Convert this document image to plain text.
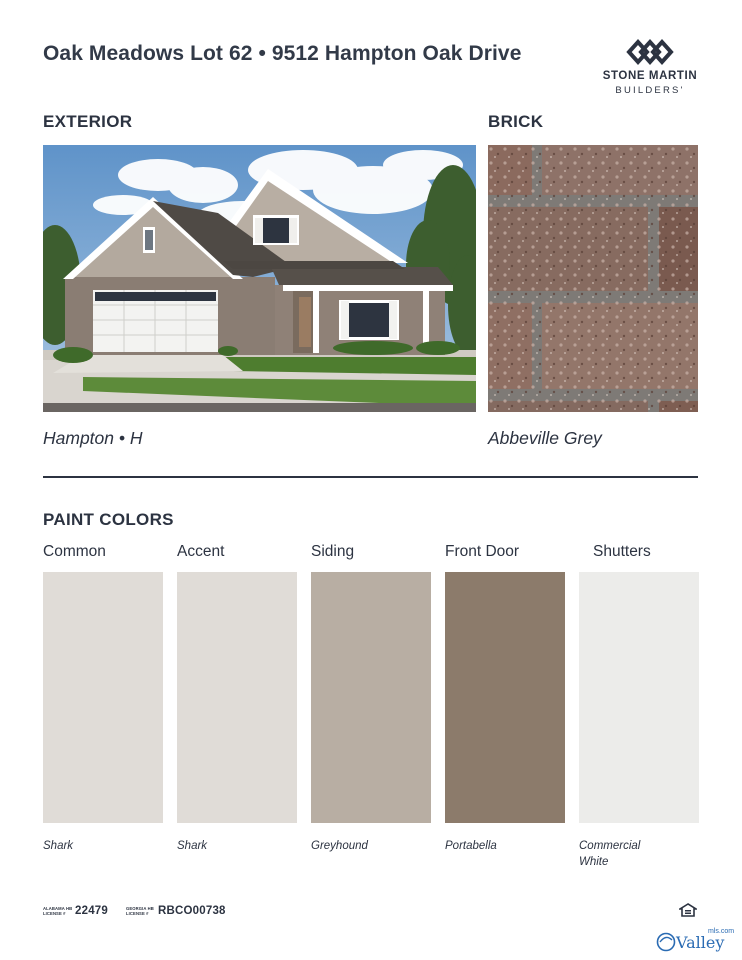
Oak Meadows Lot 62 • 9512 Hampton Oak Drive
STONE MARTIN
BUILDERS'
EXTERIOR	BRICK
Hampton • H	Abbeville Grey
PAINT COLORS
Common	Accent	Siding	Front Door	Shutters
Shark	Shark	Greyhound	Portabella	Commercial White
ALABAMA HB LICENSE # 22479	GEORGIA HB LICENSE # RBCO00738
mls.com
Valley
